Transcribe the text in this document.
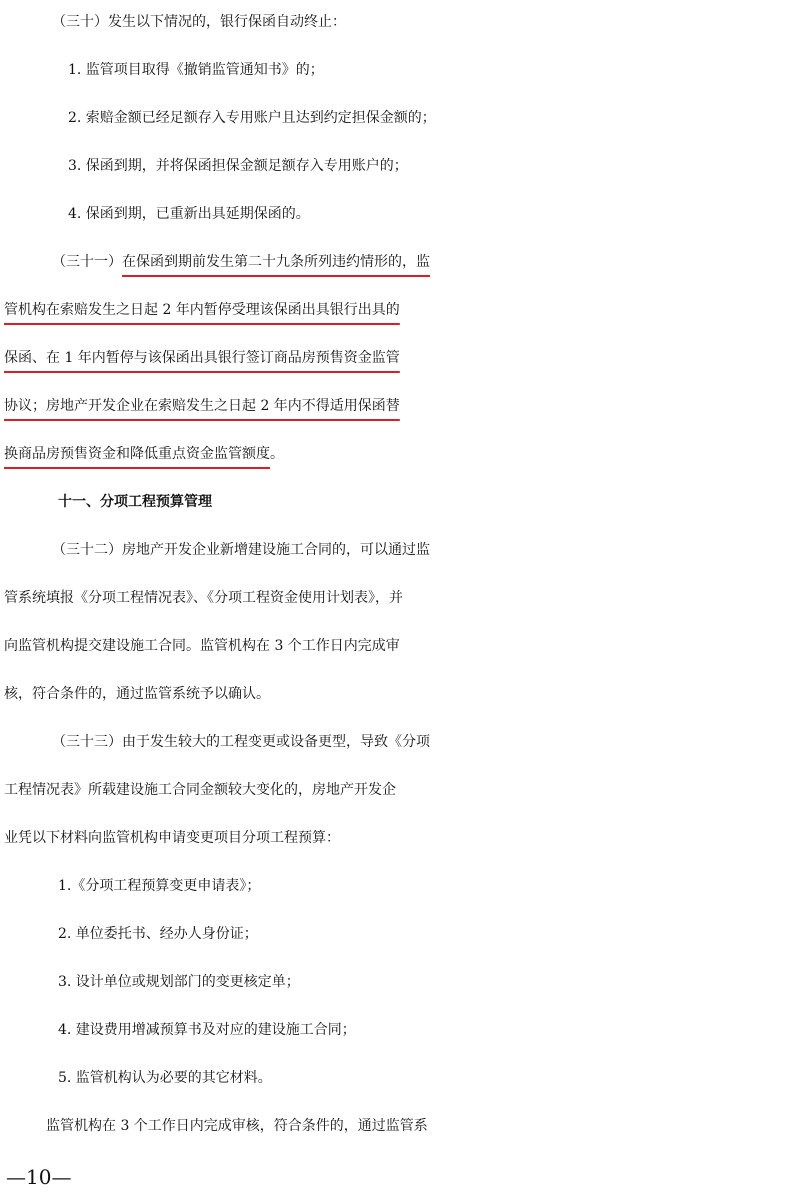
（三十）发生以下情况的，银行保函自动终止：
1. 监管项目取得《撤销监管通知书》的；
2. 索赔金额已经足额存入专用账户且达到约定担保金额的；
3. 保函到期，并将保函担保金额足额存入专用账户的；
4. 保函到期，已重新出具延期保函的。
（三十一）在保函到期前发生第二十九条所列违约情形的，监
管机构在索赔发生之日起 2 年内暂停受理该保函出具银行出具的
保函、在 1 年内暂停与该保函出具银行签订商品房预售资金监管
协议；房地产开发企业在索赔发生之日起 2 年内不得适用保函替
换商品房预售资金和降低重点资金监管额度。
十一、分项工程预算管理
（三十二）房地产开发企业新增建设施工合同的，可以通过监
管系统填报《分项工程情况表》、《分项工程资金使用计划表》，并
向监管机构提交建设施工合同。监管机构在 3 个工作日内完成审
核，符合条件的，通过监管系统予以确认。
（三十三）由于发生较大的工程变更或设备更型，导致《分项
工程情况表》所载建设施工合同金额较大变化的，房地产开发企
业凭以下材料向监管机构申请变更项目分项工程预算：
1.《分项工程预算变更申请表》；
2. 单位委托书、经办人身份证；
3. 设计单位或规划部门的变更核定单；
4. 建设费用增减预算书及对应的建设施工合同；
5. 监管机构认为必要的其它材料。
监管机构在 3 个工作日内完成审核，符合条件的，通过监管系
—10—
